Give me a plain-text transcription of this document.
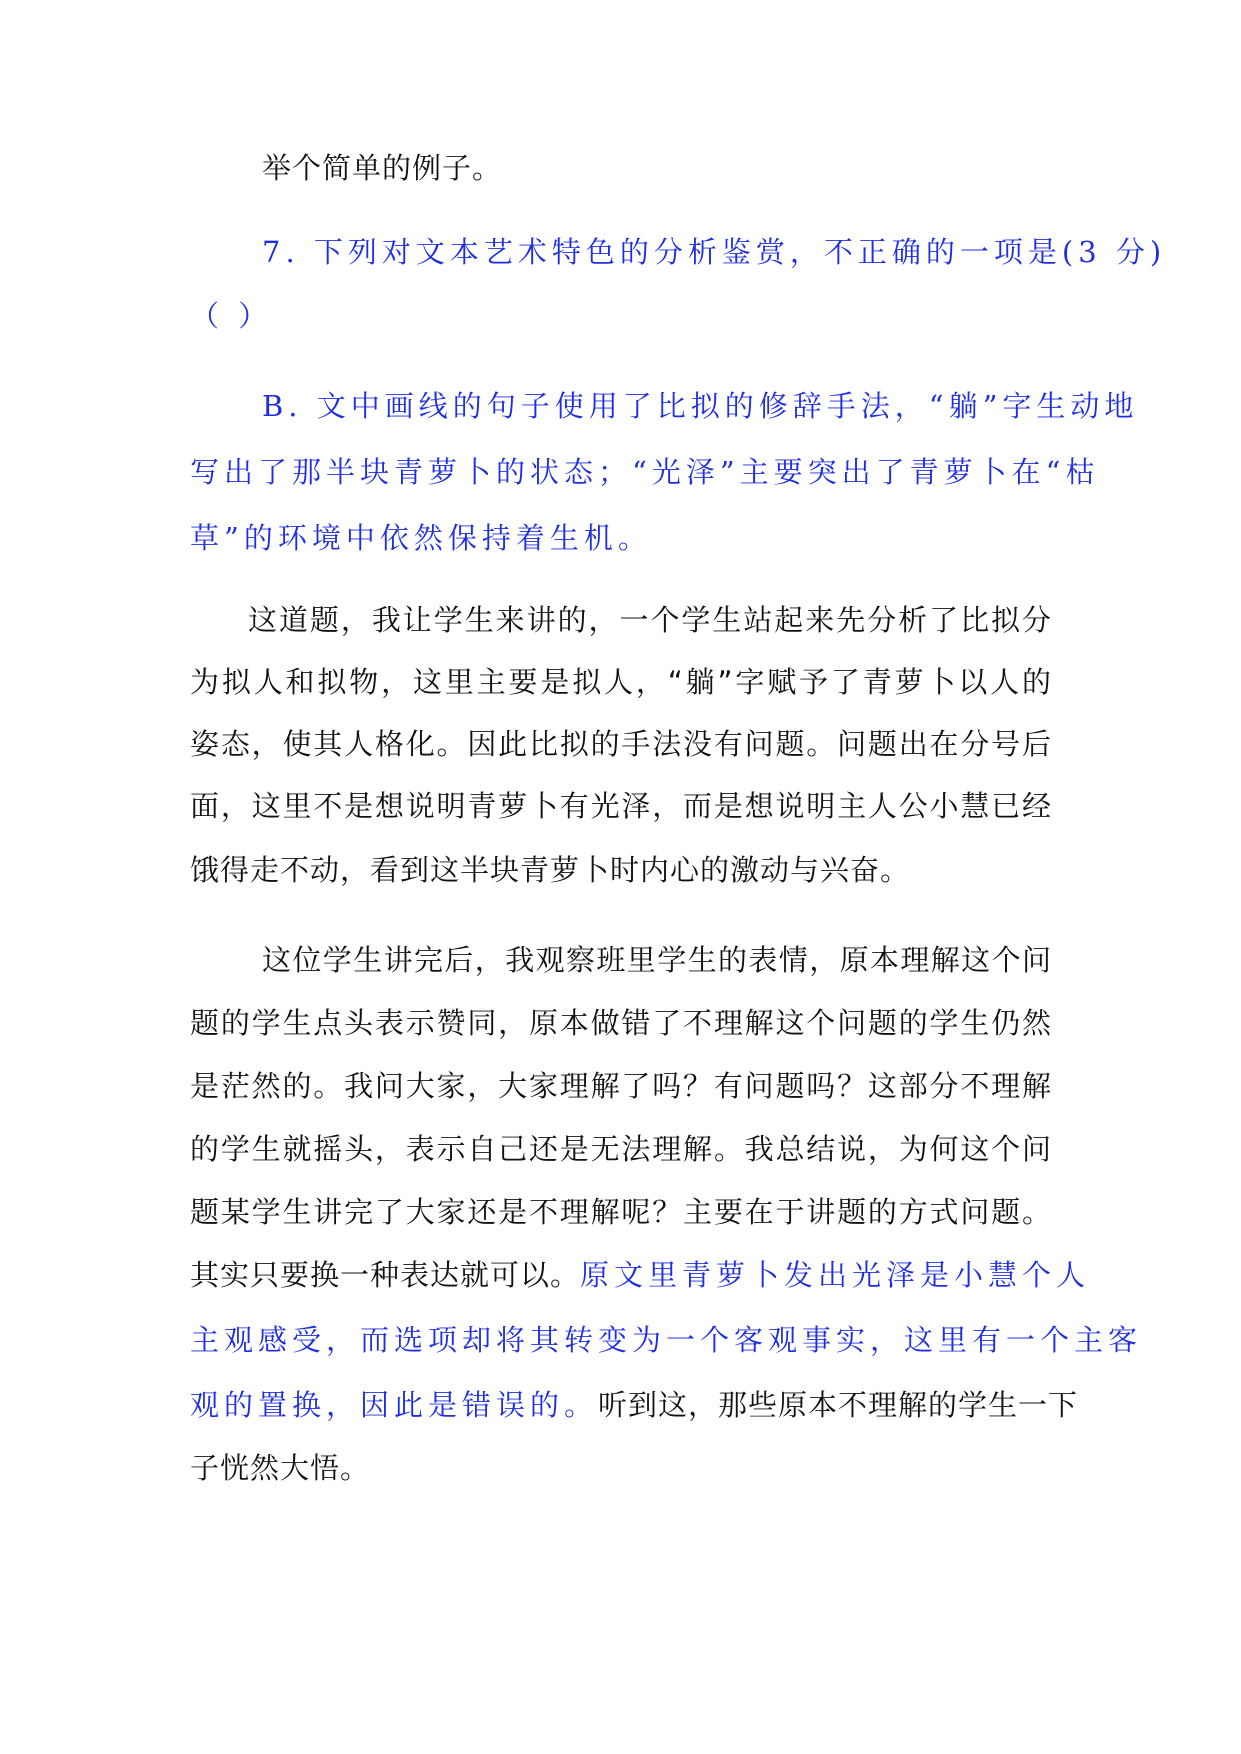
举个简单的例子。
7. 下列对文本艺术特色的分析鉴赏，不正确的一项是(3 分)
（ ）
B. 文中画线的句子使用了比拟的修辞手法，“躺”字生动地
写出了那半块青萝卜的状态；“光泽”主要突出了青萝卜在“枯
草”的环境中依然保持着生机。
这道题，我让学生来讲的，一个学生站起来先分析了比拟分
为拟人和拟物，这里主要是拟人，“躺”字赋予了青萝卜以人的
姿态，使其人格化。因此比拟的手法没有问题。问题出在分号后
面，这里不是想说明青萝卜有光泽，而是想说明主人公小慧已经
饿得走不动，看到这半块青萝卜时内心的激动与兴奋。
这位学生讲完后，我观察班里学生的表情，原本理解这个问
题的学生点头表示赞同，原本做错了不理解这个问题的学生仍然
是茫然的。我问大家，大家理解了吗？有问题吗？这部分不理解
的学生就摇头，表示自己还是无法理解。我总结说，为何这个问
题某学生讲完了大家还是不理解呢？主要在于讲题的方式问题。
其实只要换一种表达就可以。原文里青萝卜发出光泽是小慧个人
主观感受，而选项却将其转变为一个客观事实，这里有一个主客
观的置换，因此是错误的。听到这，那些原本不理解的学生一下
子恍然大悟。
